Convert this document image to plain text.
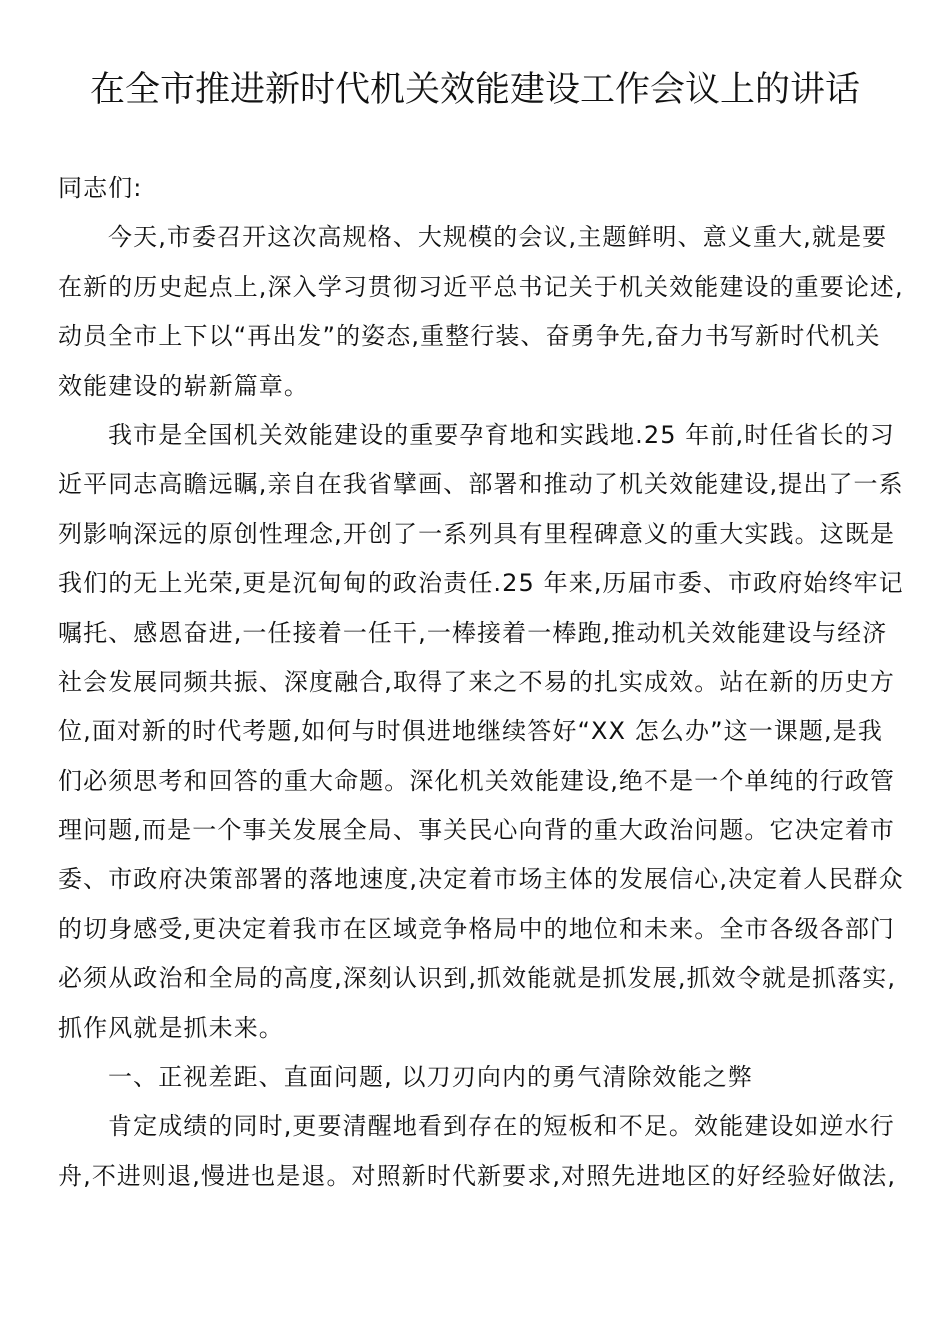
在全市推进新时代机关效能建设工作会议上的讲话
同志们:
今天,市委召开这次高规格、大规模的会议,主题鲜明、意义重大,就是要
在新的历史起点上,深入学习贯彻习近平总书记关于机关效能建设的重要论述,
动员全市上下以“再出发”的姿态,重整行装、奋勇争先,奋力书写新时代机关
效能建设的崭新篇章。
我市是全国机关效能建设的重要孕育地和实践地.25 年前,时任省长的习
近平同志高瞻远瞩,亲自在我省擘画、部署和推动了机关效能建设,提出了一系
列影响深远的原创性理念,开创了一系列具有里程碑意义的重大实践。这既是
我们的无上光荣,更是沉甸甸的政治责任.25 年来,历届市委、市政府始终牢记
嘱托、感恩奋进,一任接着一任干,一棒接着一棒跑,推动机关效能建设与经济
社会发展同频共振、深度融合,取得了来之不易的扎实成效。站在新的历史方
位,面对新的时代考题,如何与时俱进地继续答好“XX 怎么办”这一课题,是我
们必须思考和回答的重大命题。深化机关效能建设,绝不是一个单纯的行政管
理问题,而是一个事关发展全局、事关民心向背的重大政治问题。它决定着市
委、市政府决策部署的落地速度,决定着市场主体的发展信心,决定着人民群众
的切身感受,更决定着我市在区域竞争格局中的地位和未来。全市各级各部门
必须从政治和全局的高度,深刻认识到,抓效能就是抓发展,抓效令就是抓落实,
抓作风就是抓未来。
一、正视差距、直面问题, 以刀刃向内的勇气清除效能之弊
肯定成绩的同时,更要清醒地看到存在的短板和不足。效能建设如逆水行
舟,不进则退,慢进也是退。对照新时代新要求,对照先进地区的好经验好做法,
